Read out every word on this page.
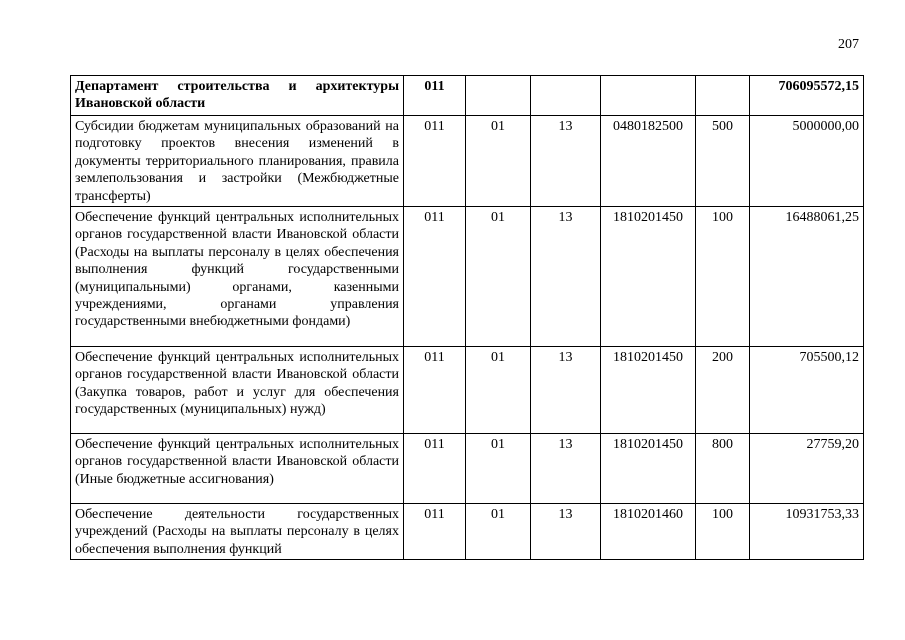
207
Департамент строительства и архитектуры Ивановской области	011					706095572,15
Субсидии бюджетам муниципальных образований на подготовку проектов внесения изменений в документы территориального планирования, правила землепользования и застройки (Межбюджетные трансферты)	011	01	13	0480182500	500	5000000,00
Обеспечение функций центральных исполнительных органов государственной власти Ивановской области (Расходы на выплаты персоналу в целях обеспечения выполнения функций государственными (муниципальными) органами, казенными учреждениями, органами управления государственными внебюджетными фондами)	011	01	13	1810201450	100	16488061,25
Обеспечение функций центральных исполнительных органов государственной власти Ивановской области (Закупка товаров, работ и услуг для обеспечения государственных (муниципальных) нужд)	011	01	13	1810201450	200	705500,12
Обеспечение функций центральных исполнительных органов государственной власти Ивановской области (Иные бюджетные ассигнования)	011	01	13	1810201450	800	27759,20
Обеспечение деятельности государственных учреждений (Расходы на выплаты персоналу в целях обеспечения выполнения функций	011	01	13	1810201460	100	10931753,33
